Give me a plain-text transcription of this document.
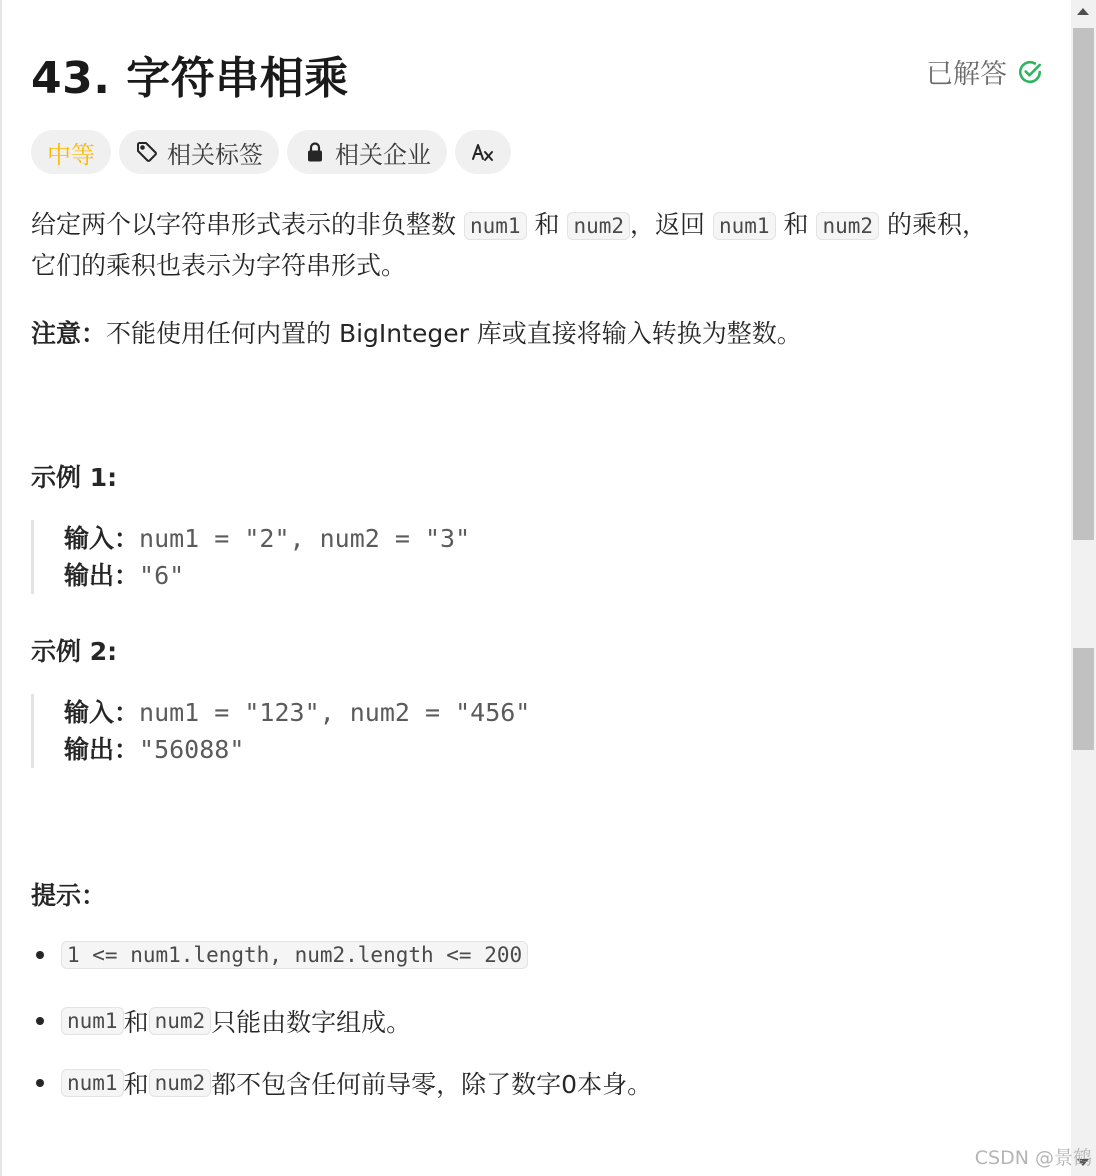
43. 字符串相乘	已解答
中等	相关标签	相关企业

给定两个以字符串形式表示的非负整数 num1 和 num2 ，返回 num1 和 num2 的乘积，
它们的乘积也表示为字符串形式。

注意：不能使用任何内置的 BigInteger 库或直接将输入转换为整数。

示例 1:
输入：num1 = "2", num2 = "3"
输出："6"
示例 2:
输入：num1 = "123", num2 = "456"
输出："56088"
提示：
1 <= num1.length, num2.length <= 200
num1 和 num2 只能由数字组成。
num1 和 num2 都不包含任何前导零，除了数字0本身。
CSDN @景鹤
